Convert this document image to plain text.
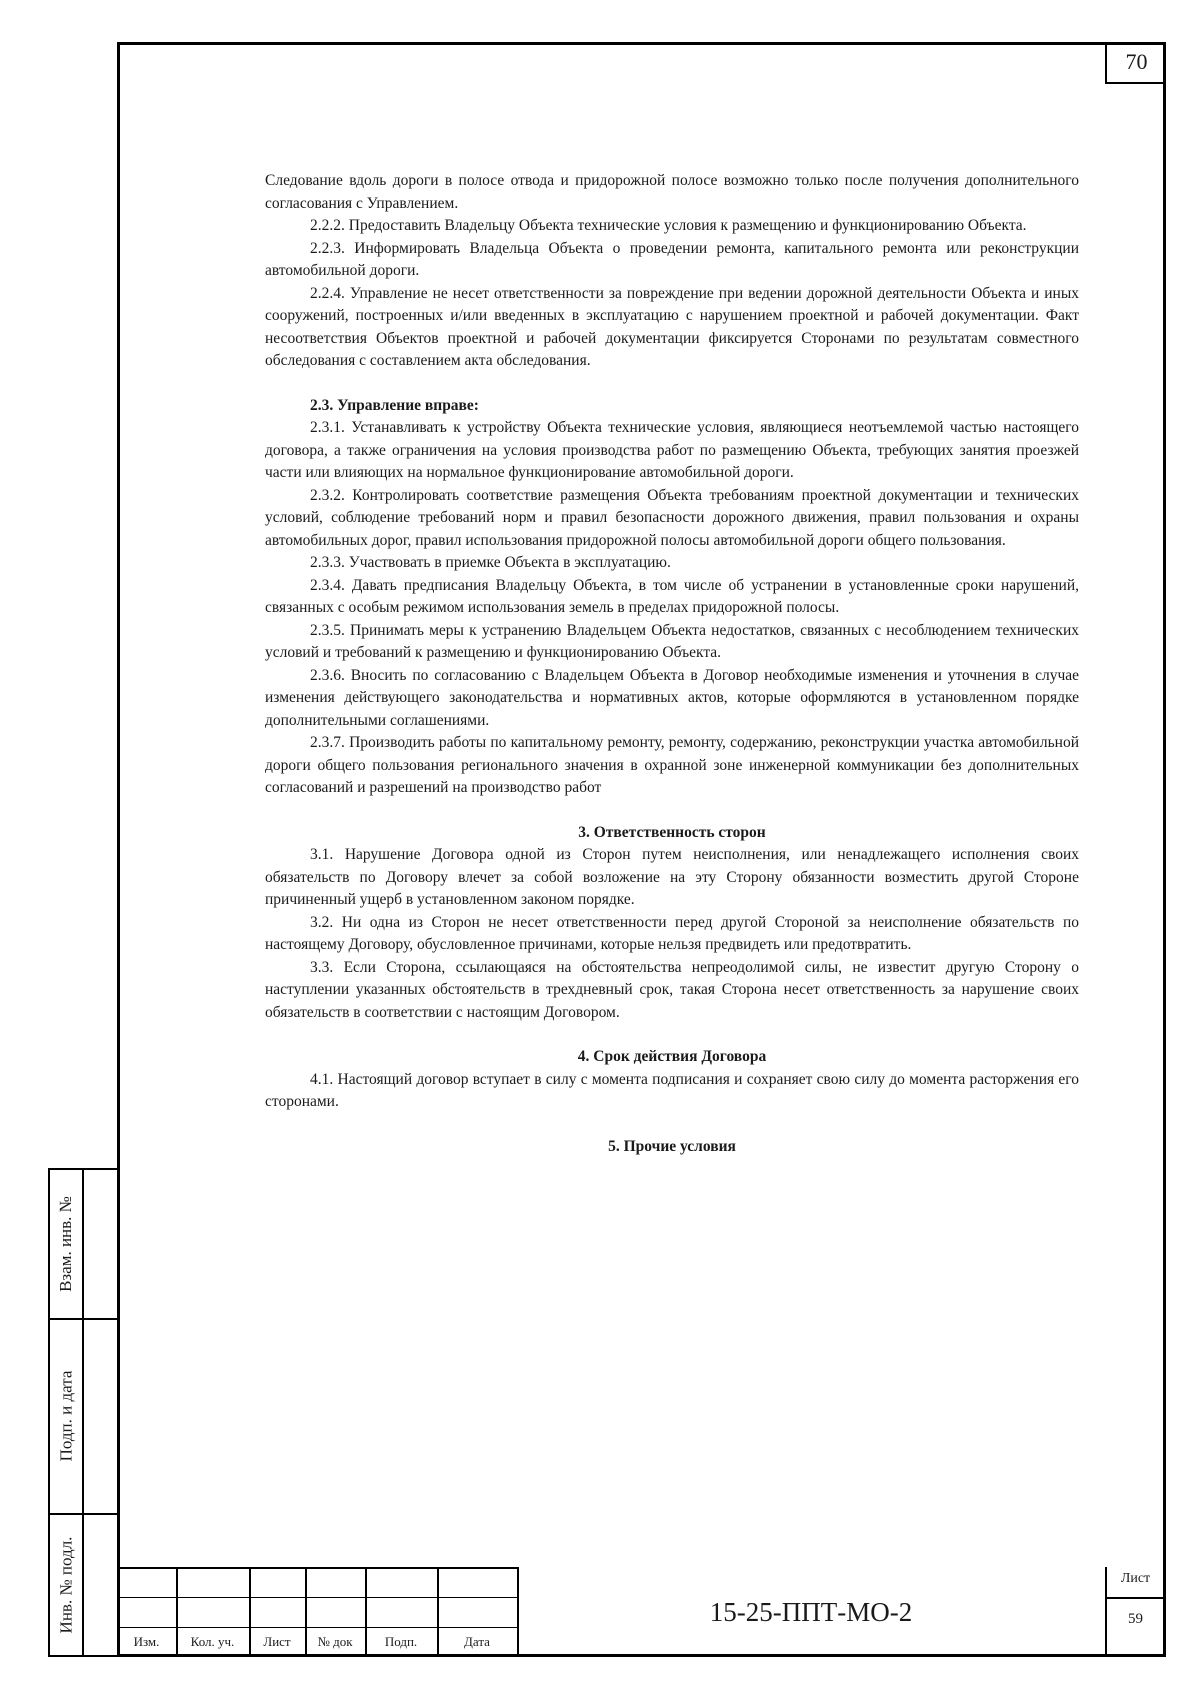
70

Следование вдоль дороги в полосе отвода и придорожной полосе возможно только после получения дополнительного согласования с Управлением.

2.2.2. Предоставить Владельцу Объекта технические условия к размещению и функционированию Объекта.

2.2.3. Информировать Владельца Объекта о проведении ремонта, капитального ремонта или реконструкции автомобильной дороги.

2.2.4. Управление не несет ответственности за повреждение при ведении дорожной деятельности Объекта и иных сооружений, построенных и/или введенных в эксплуатацию с нарушением проектной и рабочей документации. Факт несоответствия Объектов проектной и рабочей документации фиксируется Сторонами по результатам совместного обследования с составлением акта обследования.

2.3. Управление вправе:

2.3.1. Устанавливать к устройству Объекта технические условия, являющиеся неотъемлемой частью настоящего договора, а также ограничения на условия производства работ по размещению Объекта, требующих занятия проезжей части или влияющих на нормальное функционирование автомобильной дороги.

2.3.2. Контролировать соответствие размещения Объекта требованиям проектной документации и технических условий, соблюдение требований норм и правил безопасности дорожного движения, правил пользования и охраны автомобильных дорог, правил использования придорожной полосы автомобильной дороги общего пользования.

2.3.3. Участвовать в приемке Объекта в эксплуатацию.

2.3.4. Давать предписания Владельцу Объекта, в том числе об устранении в установленные сроки нарушений, связанных с особым режимом использования земель в пределах придорожной полосы.

2.3.5. Принимать меры к устранению Владельцем Объекта недостатков, связанных с несоблюдением технических условий и требований к размещению и функционированию Объекта.

2.3.6. Вносить по согласованию с Владельцем Объекта в Договор необходимые изменения и уточнения в случае изменения действующего законодательства и нормативных актов, которые оформляются в установленном порядке дополнительными соглашениями.

2.3.7. Производить работы по капитальному ремонту, ремонту, содержанию, реконструкции участка автомобильной дороги общего пользования регионального значения в охранной зоне инженерной коммуникации без дополнительных согласований и разрешений на производство работ

3. Ответственность сторон

3.1. Нарушение Договора одной из Сторон путем неисполнения, или ненадлежащего исполнения своих обязательств по Договору влечет за собой возложение на эту Сторону обязанности возместить другой Стороне причиненный ущерб в установленном законом порядке.

3.2. Ни одна из Сторон не несет ответственности перед другой Стороной за неисполнение обязательств по настоящему Договору, обусловленное причинами, которые нельзя предвидеть или предотвратить.

3.3. Если Сторона, ссылающаяся на обстоятельства непреодолимой силы, не известит другую Сторону о наступлении указанных обстоятельств в трехдневный срок, такая Сторона несет ответственность за нарушение своих обязательств в соответствии с настоящим Договором.

4. Срок действия Договора

4.1. Настоящий договор вступает в силу с момента подписания и сохраняет свою силу до момента расторжения его сторонами.

5. Прочие условия

Взам. инв. №
Подп. и дата
Инв. № подл.
Изм.	Кол. уч.	Лист	№ док	Подп.	Дата
15-25-ППТ-МО-2
Лист
59
